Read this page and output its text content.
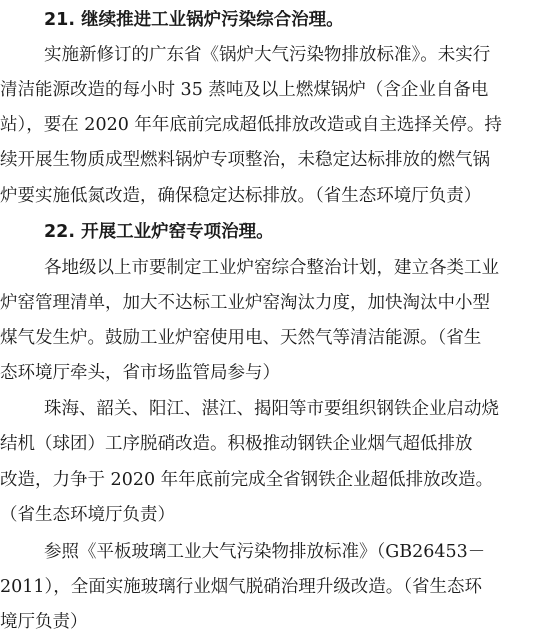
21. 继续推进工业锅炉污染综合治理。
实施新修订的广东省《锅炉大气污染物排放标准》。未实行
清洁能源改造的每小时 35 蒸吨及以上燃煤锅炉（含企业自备电
站），要在 2020 年年底前完成超低排放改造或自主选择关停。持
续开展生物质成型燃料锅炉专项整治，未稳定达标排放的燃气锅
炉要实施低氮改造，确保稳定达标排放。（省生态环境厅负责）
22. 开展工业炉窑专项治理。
各地级以上市要制定工业炉窑综合整治计划，建立各类工业
炉窑管理清单，加大不达标工业炉窑淘汰力度，加快淘汰中小型
煤气发生炉。鼓励工业炉窑使用电、天然气等清洁能源。（省生
态环境厅牵头，省市场监管局参与）
珠海、韶关、阳江、湛江、揭阳等市要组织钢铁企业启动烧
结机（球团）工序脱硝改造。积极推动钢铁企业烟气超低排放
改造，力争于 2020 年年底前完成全省钢铁企业超低排放改造。
（省生态环境厅负责）
参照《平板玻璃工业大气污染物排放标准》（GB26453－
2011），全面实施玻璃行业烟气脱硝治理升级改造。（省生态环
境厅负责）
